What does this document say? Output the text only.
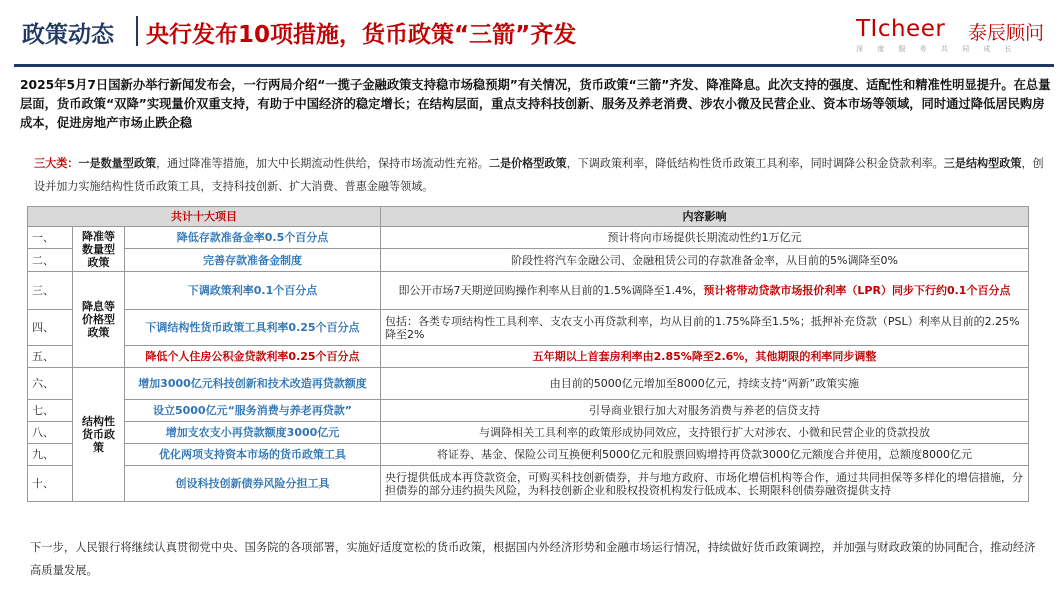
政策动态 央行发布10项措施，货币政策“三箭”齐发	TIcheer 泰辰顾问
深 度 服 务 共 同 成 长
2025年5月7日国新办举行新闻发布会，一行两局介绍“一揽子金融政策支持稳市场稳预期”有关情况，货币政策“三箭”齐发、降准降息。此次支持的强度、适配性和精准性明显提升。在总量层面，货币政策“双降”实现量价双重支持，有助于中国经济的稳定增长；在结构层面，重点支持科技创新、服务及养老消费、涉农小微及民营企业、资本市场等领域，同时通过降低居民购房成本，促进房地产市场止跌企稳
三大类：一是数量型政策，通过降准等措施，加大中长期流动性供给，保持市场流动性充裕。二是价格型政策，下调政策利率，降低结构性货币政策工具利率，同时调降公积金贷款利率。三是结构型政策，创设并加力实施结构性货币政策工具，支持科技创新、扩大消费、普惠金融等领域。
共计十大项目			内容影响
一、	降准等数量型政策	降低存款准备金率0.5个百分点	预计将向市场提供长期流动性约1万亿元
二、		完善存款准备金制度	阶段性将汽车金融公司、金融租赁公司的存款准备金率，从目前的5%调降至0%
三、	降息等价格型政策	下调政策利率0.1个百分点	即公开市场7天期逆回购操作利率从目前的1.5%调降至1.4%，预计将带动贷款市场报价利率（LPR）同步下行约0.1个百分点
四、		下调结构性货币政策工具利率0.25个百分点	包括：各类专项结构性工具利率、支农支小再贷款利率，均从目前的1.75%降至1.5%；抵押补充贷款（PSL）利率从目前的2.25%降至2%
五、		降低个人住房公积金贷款利率0.25个百分点	五年期以上首套房利率由2.85%降至2.6%，其他期限的利率同步调整
六、	结构性货币政策	增加3000亿元科技创新和技术改造再贷款额度	由目前的5000亿元增加至8000亿元，持续支持“两新”政策实施
七、		设立5000亿元“服务消费与养老再贷款”	引导商业银行加大对服务消费与养老的信贷支持
八、		增加支农支小再贷款额度3000亿元	与调降相关工具利率的政策形成协同效应，支持银行扩大对涉农、小微和民营企业的贷款投放
九、		优化两项支持资本市场的货币政策工具	将证券、基金、保险公司互换便利5000亿元和股票回购增持再贷款3000亿元额度合并使用，总额度8000亿元
十、		创设科技创新债券风险分担工具	央行提供低成本再贷款资金，可购买科技创新债券，并与地方政府、市场化增信机构等合作，通过共同担保等多样化的增信措施，分担债券的部分违约损失风险，为科技创新企业和股权投资机构发行低成本、长期限科创债券融资提供支持
下一步，人民银行将继续认真贯彻党中央、国务院的各项部署，实施好适度宽松的货币政策，根据国内外经济形势和金融市场运行情况，持续做好货币政策调控，并加强与财政政策的协同配合，推动经济高质量发展。
